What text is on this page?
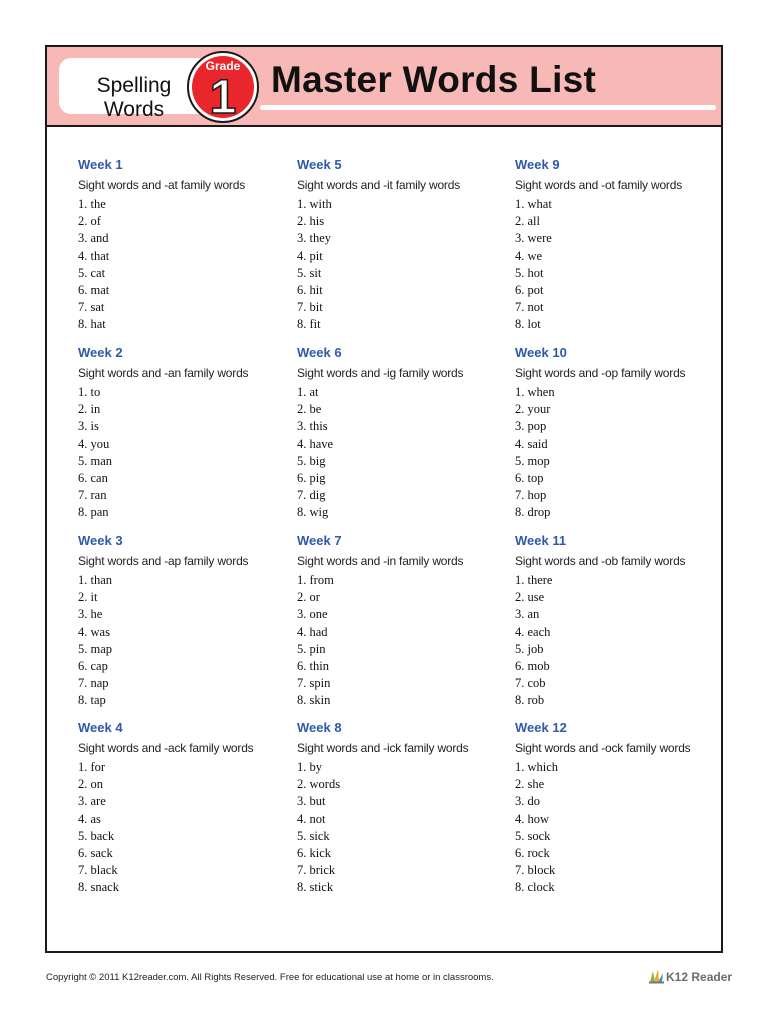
Spelling
Words
Grade
1 Master Words List
Week 1
Sight words and -at family words
1. the
2. of
3. and
4. that
5. cat
6. mat
7. sat
8. hat
Week 2
Sight words and -an family words
1. to
2. in
3. is
4. you
5. man
6. can
7. ran
8. pan
Week 3
Sight words and -ap family words
1. than
2. it
3. he
4. was
5. map
6. cap
7. nap
8. tap
Week 4
Sight words and -ack family words
1. for
2. on
3. are
4. as
5. back
6. sack
7. black
8. snack
Week 5
Sight words and -it family words
1. with
2. his
3. they
4. pit
5. sit
6. hit
7. bit
8. fit
Week 6
Sight words and -ig family words
1. at
2. be
3. this
4. have
5. big
6. pig
7. dig
8. wig
Week 7
Sight words and -in family words
1. from
2. or
3. one
4. had
5. pin
6. thin
7. spin
8. skin
Week 8
Sight words and -ick family words
1. by
2. words
3. but
4. not
5. sick
6. kick
7. brick
8. stick
Week 9
Sight words and -ot family words
1. what
2. all
3. were
4. we
5. hot
6. pot
7. not
8. lot
Week 10
Sight words and -op family words
1. when
2. your
3. pop
4. said
5. mop
6. top
7. hop
8. drop
Week 11
Sight words and -ob family words
1. there
2. use
3. an
4. each
5. job
6. mob
7. cob
8. rob
Week 12
Sight words and -ock family words
1. which
2. she
3. do
4. how
5. sock
6. rock
7. block
8. clock
Copyright © 2011 K12reader.com. All Rights Reserved. Free for educational use at home or in classrooms.	K12 Reader
